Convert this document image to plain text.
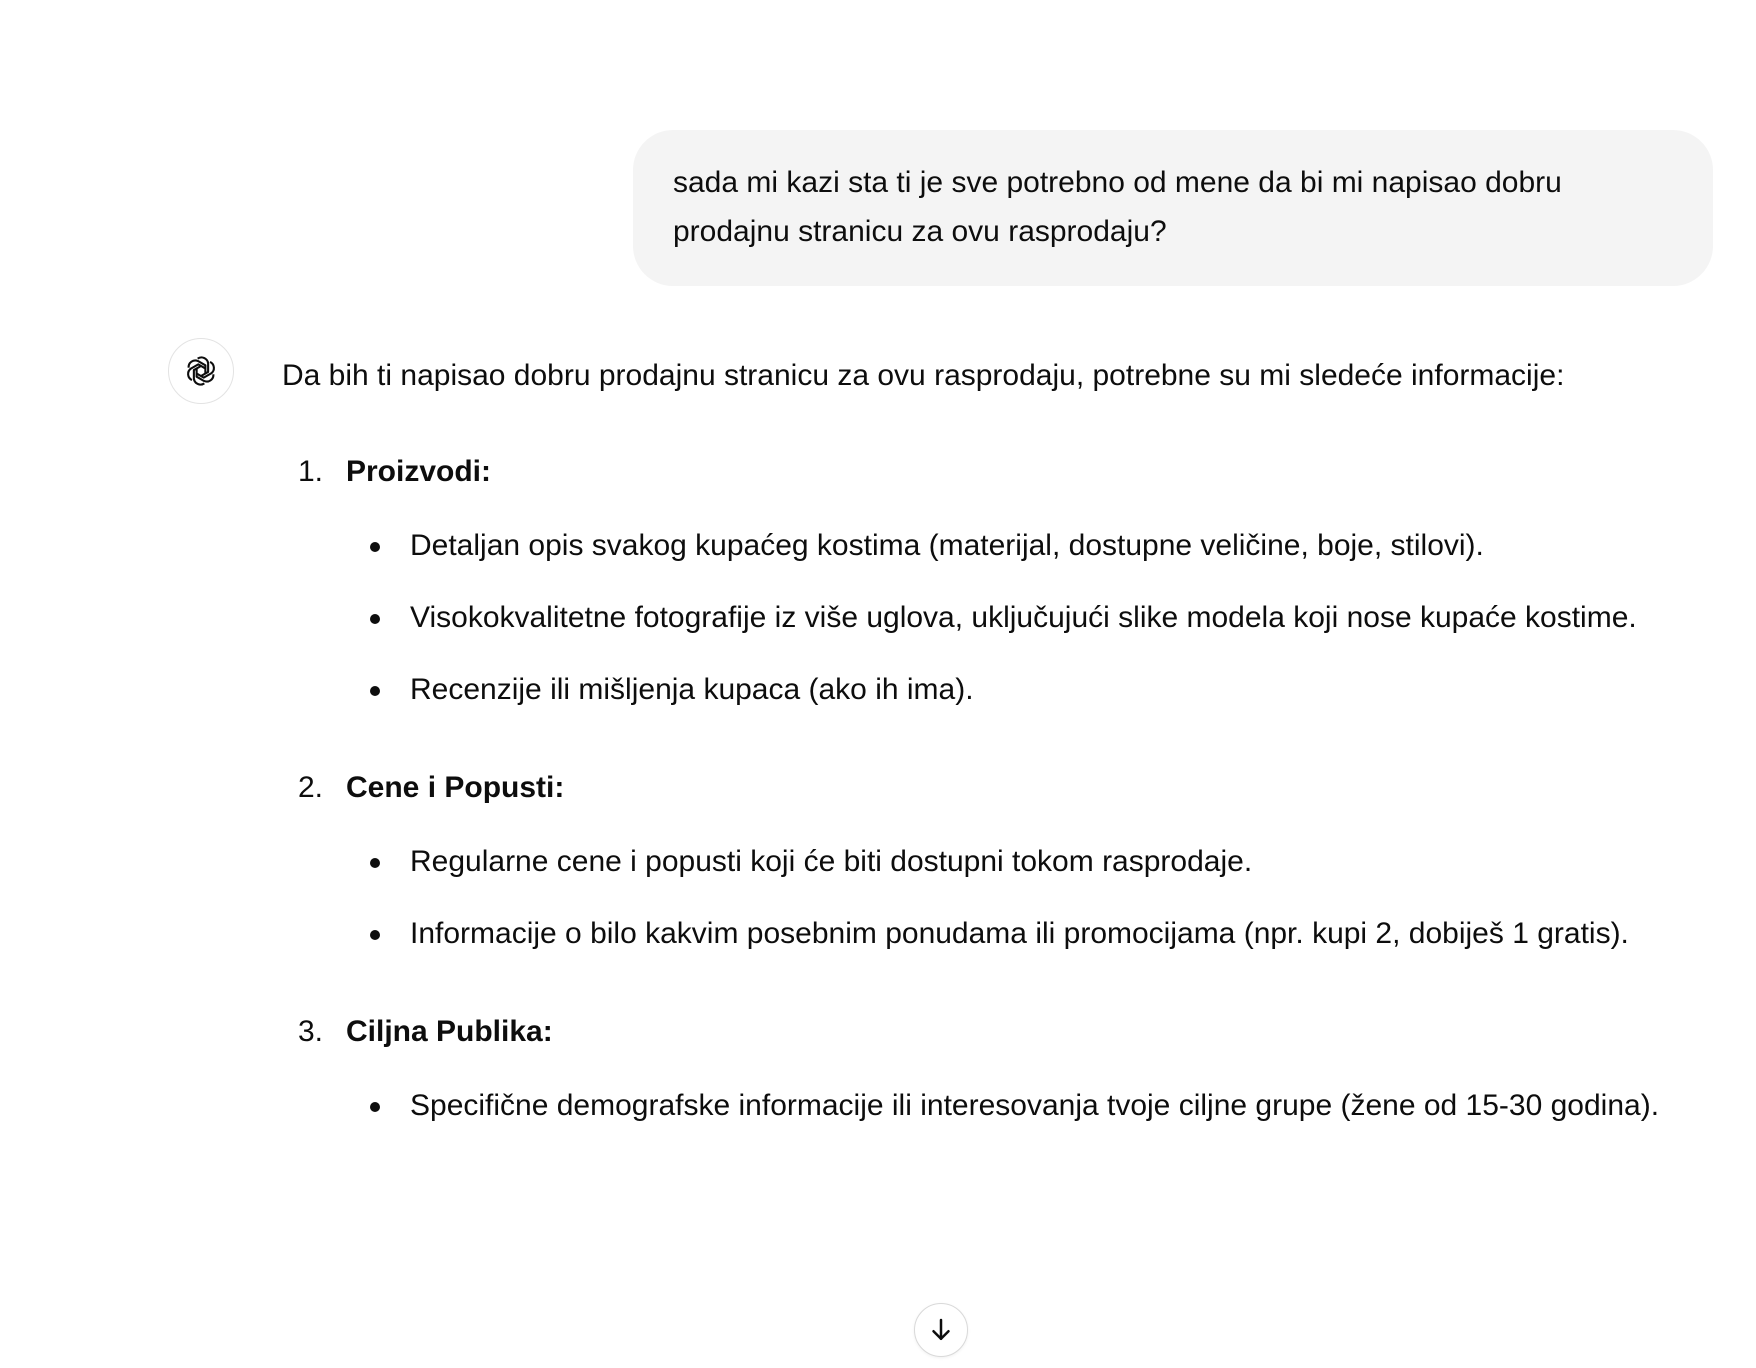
sada mi kazi sta ti je sve potrebno od mene da bi mi napisao dobru prodajnu stranicu za ovu rasprodaju?

Da bih ti napisao dobru prodajnu stranicu za ovu rasprodaju, potrebne su mi sledeće informacije:

1. Proizvodi:
Detaljan opis svakog kupaćeg kostima (materijal, dostupne veličine, boje, stilovi).
Visokokvalitetne fotografije iz više uglova, uključujući slike modela koji nose kupaće kostime.
Recenzije ili mišljenja kupaca (ako ih ima).
2. Cene i Popusti:
Regularne cene i popusti koji će biti dostupni tokom rasprodaje.
Informacije o bilo kakvim posebnim ponudama ili promocijama (npr. kupi 2, dobiješ 1 gratis).
3. Ciljna Publika:
Specifične demografske informacije ili interesovanja tvoje ciljne grupe (žene od 15-30 godina).
